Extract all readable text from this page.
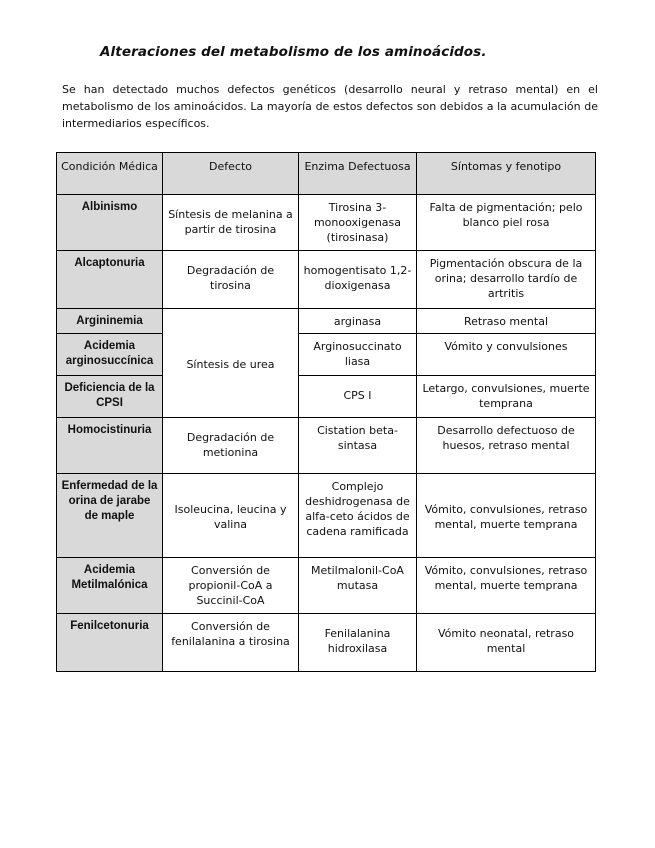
Alteraciones del metabolismo de los aminoácidos.
Se han detectado muchos defectos genéticos (desarrollo neural y retraso mental) en el metabolismo de los aminoácidos. La mayoría de estos defectos son debidos a la acumulación de intermediarios específicos.
Condición Médica	Defecto	Enzima Defectuosa	Síntomas y fenotipo
Albinismo	Síntesis de melanina a partir de tirosina	Tirosina 3-monooxigenasa (tirosinasa)	Falta de pigmentación; pelo blanco piel rosa
Alcaptonuria	Degradación de tirosina	homogentisato 1,2-dioxigenasa	Pigmentación obscura de la orina; desarrollo tardío de artritis
Argininemia	Síntesis de urea	arginasa	Retraso mental
Acidemia arginosuccínica		Arginosuccinato liasa	Vómito y convulsiones
Deficiencia de la CPSI		CPS I	Letargo, convulsiones, muerte temprana
Homocistinuria	Degradación de metionina	Cistation beta-sintasa	Desarrollo defectuoso de huesos, retraso mental
Enfermedad de la orina de jarabe de maple	Isoleucina, leucina y valina	Complejo deshidrogenasa de alfa-ceto ácidos de cadena ramificada	Vómito, convulsiones, retraso mental, muerte temprana
Acidemia Metilmalónica	Conversión de propionil-CoA a Succinil-CoA	Metilmalonil-CoA mutasa	Vómito, convulsiones, retraso mental, muerte temprana
Fenilcetonuria	Conversión de fenilalanina a tirosina	Fenilalanina hidroxilasa	Vómito neonatal, retraso mental
